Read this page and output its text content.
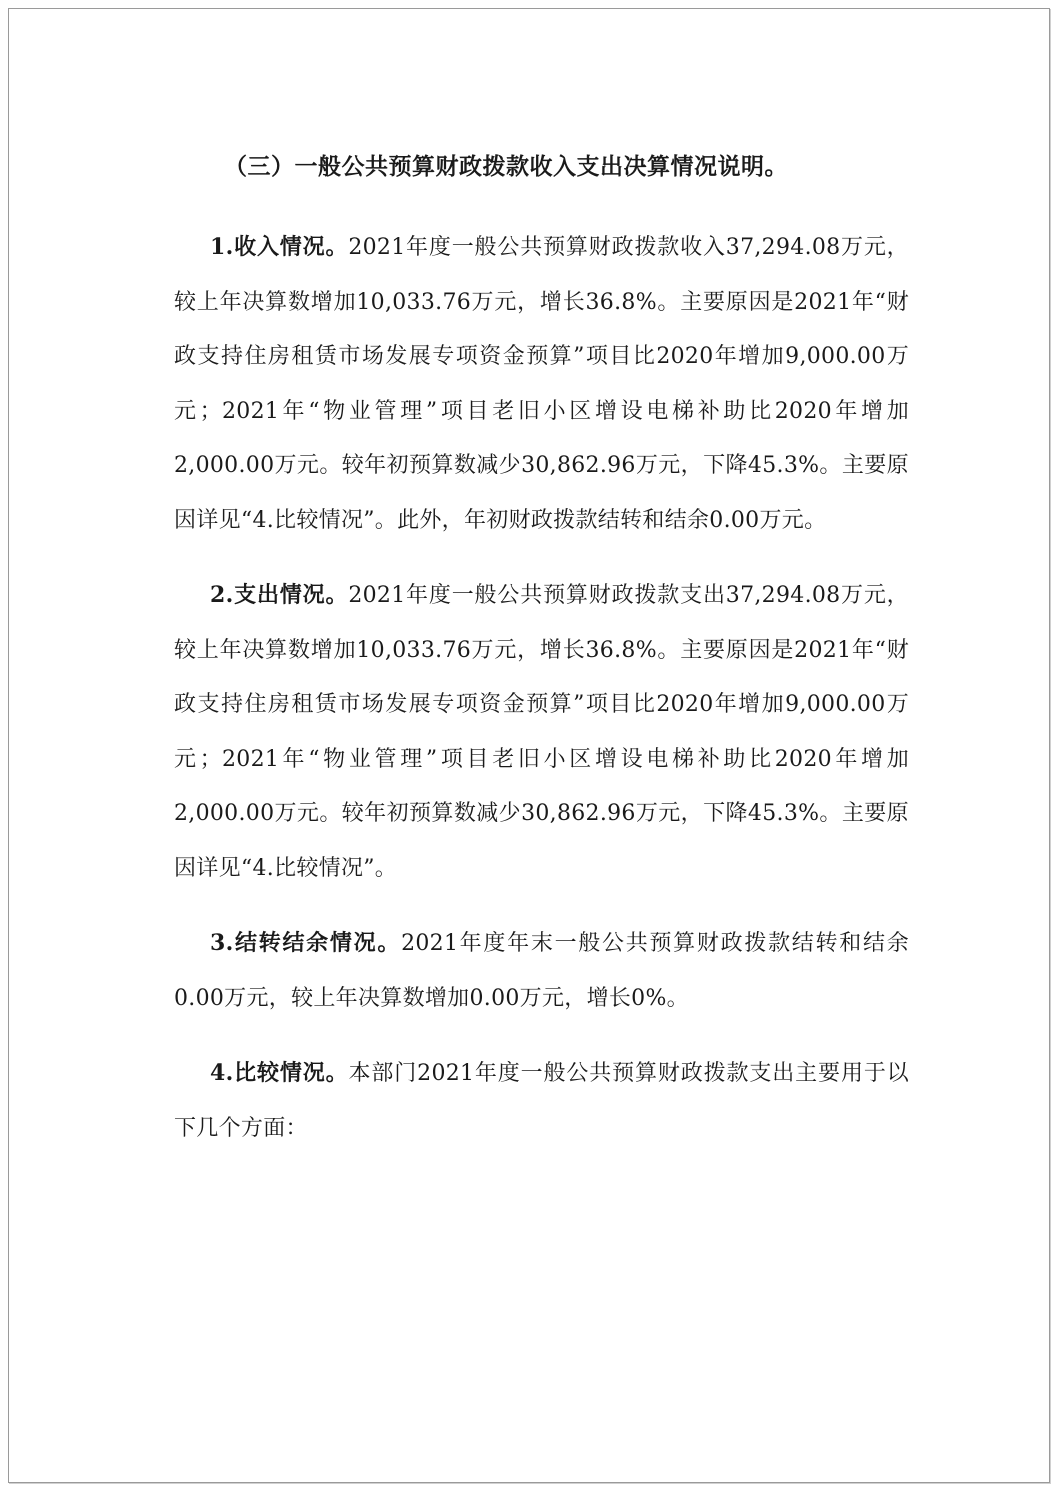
（三）一般公共预算财政拨款收入支出决算情况说明。

1.收入情况。2021年度一般公共预算财政拨款收入37,294.08万元，较上年决算数增加10,033.76万元，增长36.8%。主要原因是2021年“财政支持住房租赁市场发展专项资金预算”项目比2020年增加9,000.00万元；2021年“物业管理”项目老旧小区增设电梯补助比2020年增加2,000.00万元。较年初预算数减少30,862.96万元，下降45.3%。主要原因详见“4.比较情况”。此外，年初财政拨款结转和结余0.00万元。

2.支出情况。2021年度一般公共预算财政拨款支出37,294.08万元，较上年决算数增加10,033.76万元，增长36.8%。主要原因是2021年“财政支持住房租赁市场发展专项资金预算”项目比2020年增加9,000.00万元；2021年“物业管理”项目老旧小区增设电梯补助比2020年增加2,000.00万元。较年初预算数减少30,862.96万元，下降45.3%。主要原因详见“4.比较情况”。

3.结转结余情况。2021年度年末一般公共预算财政拨款结转和结余0.00万元，较上年决算数增加0.00万元，增长0%。

4.比较情况。本部门2021年度一般公共预算财政拨款支出主要用于以下几个方面：
